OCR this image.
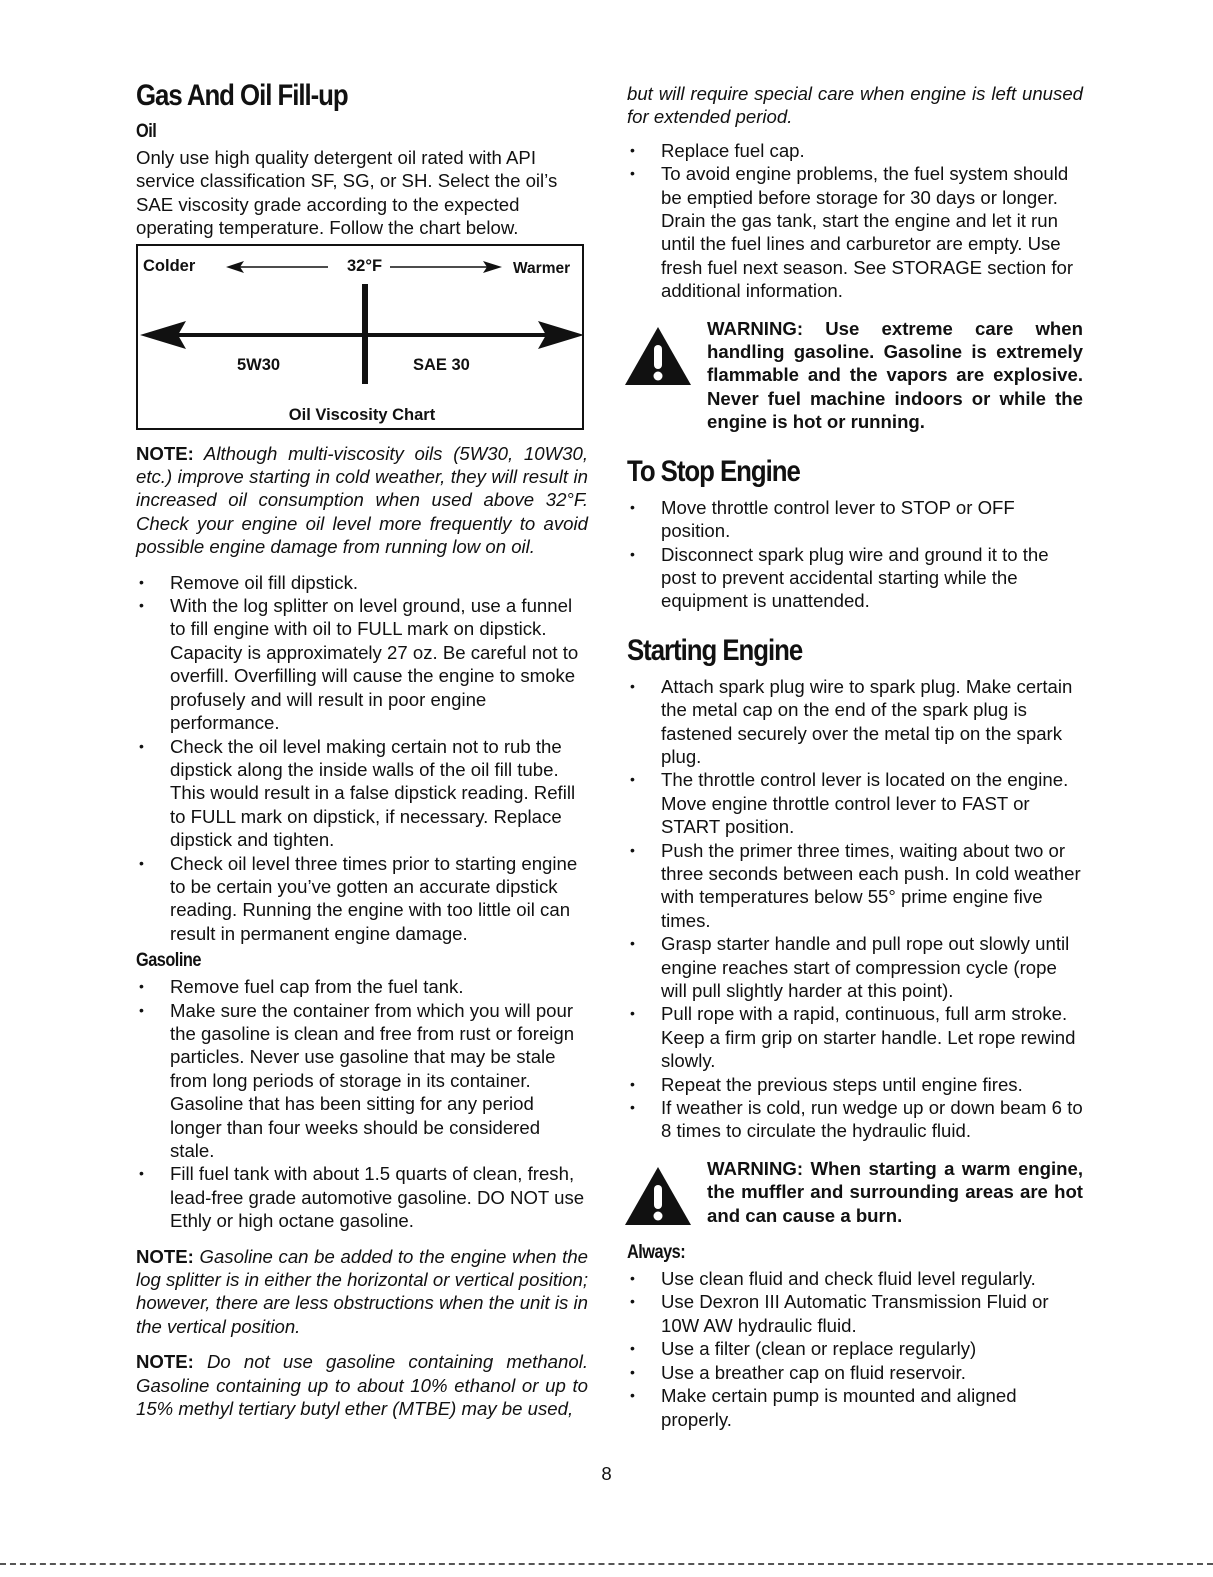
Gas And Oil Fill-up
Oil

Only use high quality detergent oil rated with API service classification SF, SG, or SH. Select the oil’s SAE viscosity grade according to the expected operating temperature. Follow the chart below.

Colder	32°F	Warmer
5W30	SAE 30
Oil Viscosity Chart

NOTE: Although multi-viscosity oils (5W30, 10W30, etc.) improve starting in cold weather, they will result in increased oil consumption when used above 32°F. Check your engine oil level more frequently to avoid possible engine damage from running low on oil.

• Remove oil fill dipstick.
• With the log splitter on level ground, use a funnel to fill engine with oil to FULL mark on dipstick. Capacity is approximately 27 oz. Be careful not to overfill. Overfilling will cause the engine to smoke profusely and will result in poor engine performance.
• Check the oil level making certain not to rub the dipstick along the inside walls of the oil fill tube. This would result in a false dipstick reading. Refill to FULL mark on dipstick, if necessary. Replace dipstick and tighten.
• Check oil level three times prior to starting engine to be certain you’ve gotten an accurate dipstick reading. Running the engine with too little oil can result in permanent engine damage.
Gasoline
• Remove fuel cap from the fuel tank.
• Make sure the container from which you will pour the gasoline is clean and free from rust or foreign particles. Never use gasoline that may be stale from long periods of storage in its container. Gasoline that has been sitting for any period longer than four weeks should be considered stale.
• Fill fuel tank with about 1.5 quarts of clean, fresh, lead-free grade automotive gasoline. DO NOT use Ethly or high octane gasoline.

NOTE: Gasoline can be added to the engine when the log splitter is in either the horizontal or vertical position; however, there are less obstructions when the unit is in the vertical position.

NOTE: Do not use gasoline containing methanol. Gasoline containing up to about 10% ethanol or up to 15% methyl tertiary butyl ether (MTBE) may be used,

but will require special care when engine is left unused for extended period.

• Replace fuel cap.
• To avoid engine problems, the fuel system should be emptied before storage for 30 days or longer. Drain the gas tank, start the engine and let it run until the fuel lines and carburetor are empty. Use fresh fuel next season. See STORAGE section for additional information.

WARNING: Use extreme care when handling gasoline. Gasoline is extremely flammable and the vapors are explosive. Never fuel machine indoors or while the engine is hot or running.

To Stop Engine
• Move throttle control lever to STOP or OFF position.
• Disconnect spark plug wire and ground it to the post to prevent accidental starting while the equipment is unattended.
Starting Engine
• Attach spark plug wire to spark plug. Make certain the metal cap on the end of the spark plug is fastened securely over the metal tip on the spark plug.
• The throttle control lever is located on the engine. Move engine throttle control lever to FAST or START position.
• Push the primer three times, waiting about two or three seconds between each push. In cold weather with temperatures below 55° prime engine five times.
• Grasp starter handle and pull rope out slowly until engine reaches start of compression cycle (rope will pull slightly harder at this point).
• Pull rope with a rapid, continuous, full arm stroke. Keep a firm grip on starter handle. Let rope rewind slowly.
• Repeat the previous steps until engine fires.
• If weather is cold, run wedge up or down beam 6 to 8 times to circulate the hydraulic fluid.

WARNING: When starting a warm engine, the muffler and surrounding areas are hot and can cause a burn.

Always:
• Use clean fluid and check fluid level regularly.
• Use Dexron III Automatic Transmission Fluid or 10W AW hydraulic fluid.
• Use a filter (clean or replace regularly)
• Use a breather cap on fluid reservoir.
• Make certain pump is mounted and aligned properly.
8
